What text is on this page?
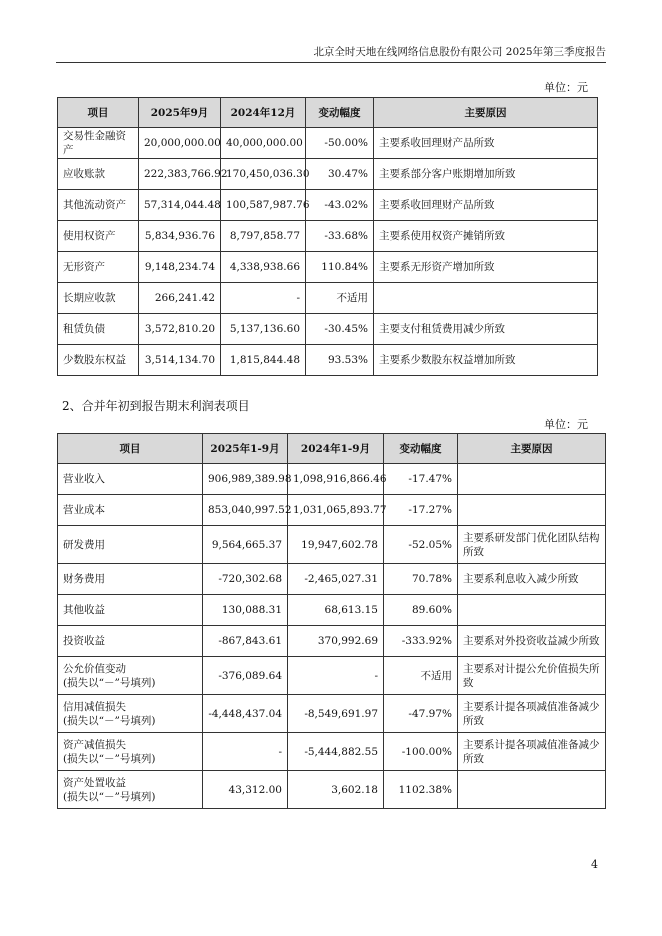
北京全时天地在线网络信息股份有限公司 2025年第三季度报告
单位：元
项目	2025年9月	2024年12月	变动幅度	主要原因
交易性金融资产	20,000,000.00	40,000,000.00	-50.00%	主要系收回理财产品所致
应收账款	222,383,766.92	170,450,036.30	30.47%	主要系部分客户账期增加所致
其他流动资产	57,314,044.48	100,587,987.76	-43.02%	主要系收回理财产品所致
使用权资产	5,834,936.76	8,797,858.77	-33.68%	主要系使用权资产摊销所致
无形资产	9,148,234.74	4,338,938.66	110.84%	主要系无形资产增加所致
长期应收款	266,241.42	-	不适用	
租赁负债	3,572,810.20	5,137,136.60	-30.45%	主要支付租赁费用减少所致
少数股东权益	3,514,134.70	1,815,844.48	93.53%	主要系少数股东权益增加所致
2、合并年初到报告期末利润表项目
单位：元
项目	2025年1-9月	2024年1-9月	变动幅度	主要原因
营业收入	906,989,389.98	1,098,916,866.46	-17.47%	
营业成本	853,040,997.52	1,031,065,893.77	-17.27%	
研发费用	9,564,665.37	19,947,602.78	-52.05%	主要系研发部门优化团队结构所致
财务费用	-720,302.68	-2,465,027.31	70.78%	主要系利息收入减少所致
其他收益	130,088.31	68,613.15	89.60%	
投资收益	-867,843.61	370,992.69	-333.92%	主要系对外投资收益减少所致
公允价值变动
(损失以“－”号填列)	-376,089.64	-	不适用	主要系对计提公允价值损失所致
信用减值损失
(损失以“－”号填列)	-4,448,437.04	-8,549,691.97	-47.97%	主要系计提各项减值准备减少所致
资产减值损失
(损失以“－”号填列)	-	-5,444,882.55	-100.00%	主要系计提各项减值准备减少所致
资产处置收益
(损失以“－”号填列)	43,312.00	3,602.18	1102.38%	
4
